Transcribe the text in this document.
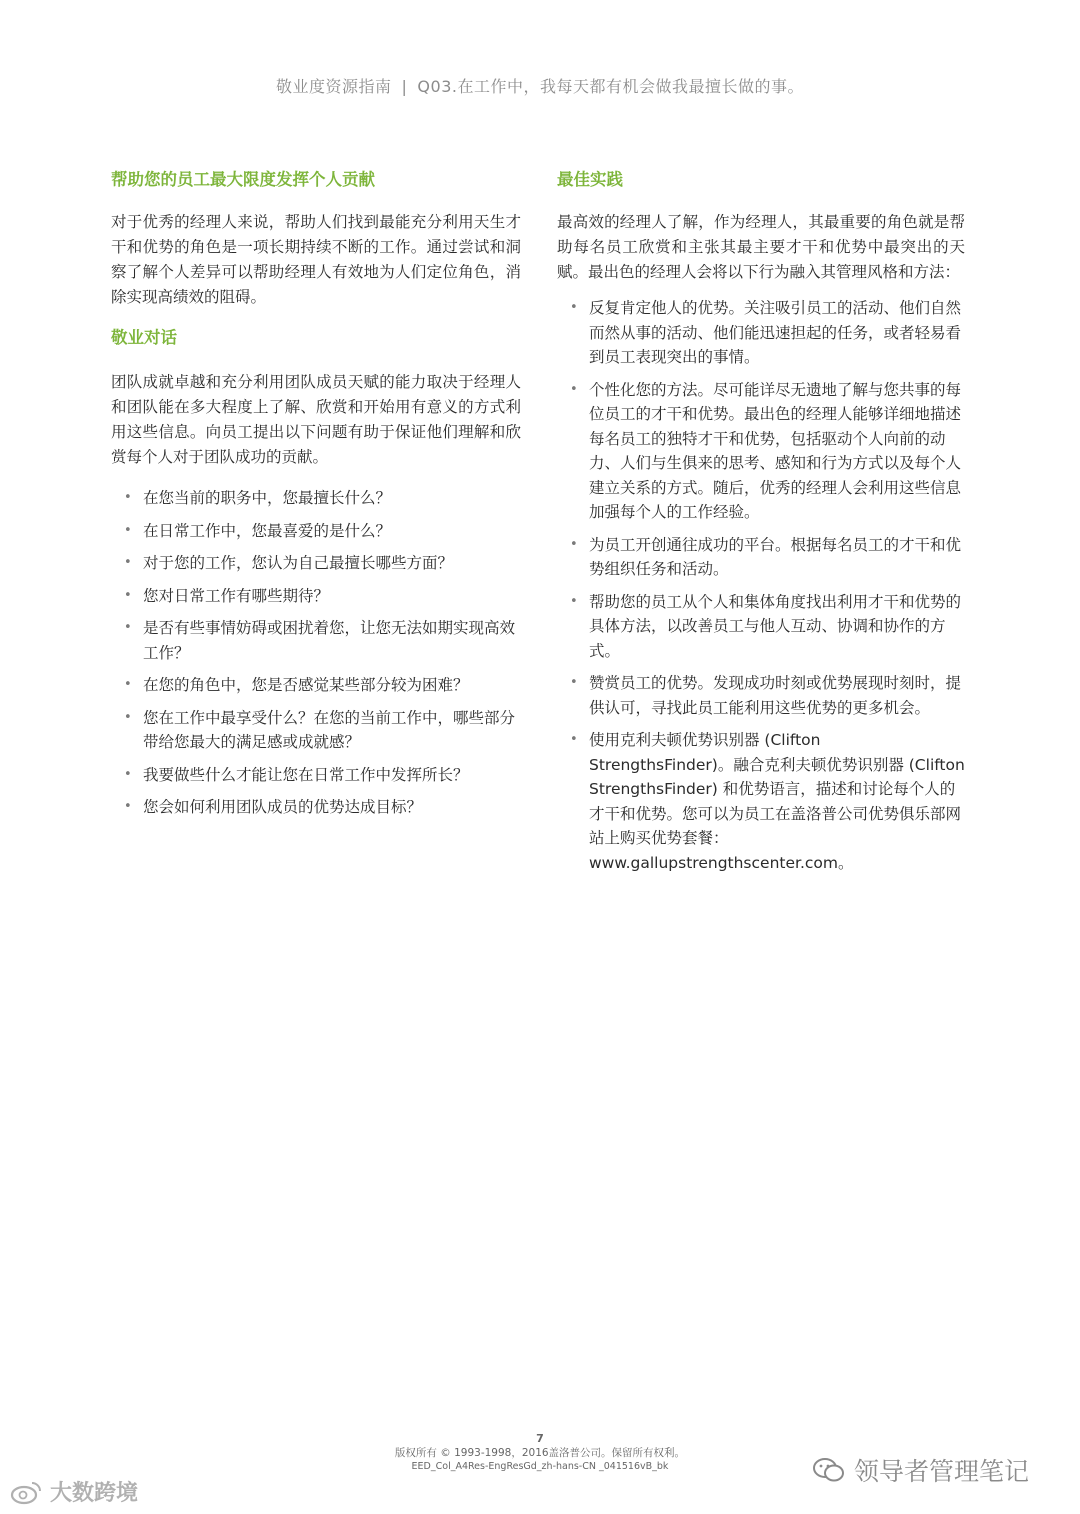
敬业度资源指南 | Q03.在工作中，我每天都有机会做我最擅长做的事。
帮助您的员工最大限度发挥个人贡献

对于优秀的经理人来说，帮助人们找到最能充分利用天生才干和优势的角色是一项长期持续不断的工作。通过尝试和洞察了解个人差异可以帮助经理人有效地为人们定位角色，消除实现高绩效的阻碍。

敬业对话

团队成就卓越和充分利用团队成员天赋的能力取决于经理人和团队能在多大程度上了解、欣赏和开始用有意义的方式利用这些信息。向员工提出以下问题有助于保证他们理解和欣赏每个人对于团队成功的贡献。

• 在您当前的职务中，您最擅长什么？
• 在日常工作中，您最喜爱的是什么？
• 对于您的工作，您认为自己最擅长哪些方面？
• 您对日常工作有哪些期待？
• 是否有些事情妨碍或困扰着您，让您无法如期实现高效工作？
• 在您的角色中，您是否感觉某些部分较为困难？
• 您在工作中最享受什么？在您的当前工作中，哪些部分带给您最大的满足感或成就感？
• 我要做些什么才能让您在日常工作中发挥所长？
• 您会如何利用团队成员的优势达成目标？
最佳实践

最高效的经理人了解，作为经理人，其最重要的角色就是帮助每名员工欣赏和主张其最主要才干和优势中最突出的天赋。最出色的经理人会将以下行为融入其管理风格和方法：

• 反复肯定他人的优势。关注吸引员工的活动、他们自然而然从事的活动、他们能迅速担起的任务，或者轻易看到员工表现突出的事情。
• 个性化您的方法。尽可能详尽无遗地了解与您共事的每位员工的才干和优势。最出色的经理人能够详细地描述每名员工的独特才干和优势，包括驱动个人向前的动力、人们与生俱来的思考、感知和行为方式以及每个人建立关系的方式。随后，优秀的经理人会利用这些信息加强每个人的工作经验。
• 为员工开创通往成功的平台。根据每名员工的才干和优势组织任务和活动。
• 帮助您的员工从个人和集体角度找出利用才干和优势的具体方法，以改善员工与他人互动、协调和协作的方式。
• 赞赏员工的优势。发现成功时刻或优势展现时刻时，提供认可，寻找此员工能利用这些优势的更多机会。
• 使用克利夫顿优势识别器 (Clifton StrengthsFinder)。融合克利夫顿优势识别器 (Clifton StrengthsFinder) 和优势语言，描述和讨论每个人的才干和优势。您可以为员工在盖洛普公司优势俱乐部网站上购买优势套餐：www.gallupstrengthscenter.com。
7
版权所有 © 1993-1998，2016盖洛普公司。保留所有权利。
EED_Col_A4Res-EngResGd_zh-hans-CN _041516vB_bk
大数跨境
领导者管理笔记
